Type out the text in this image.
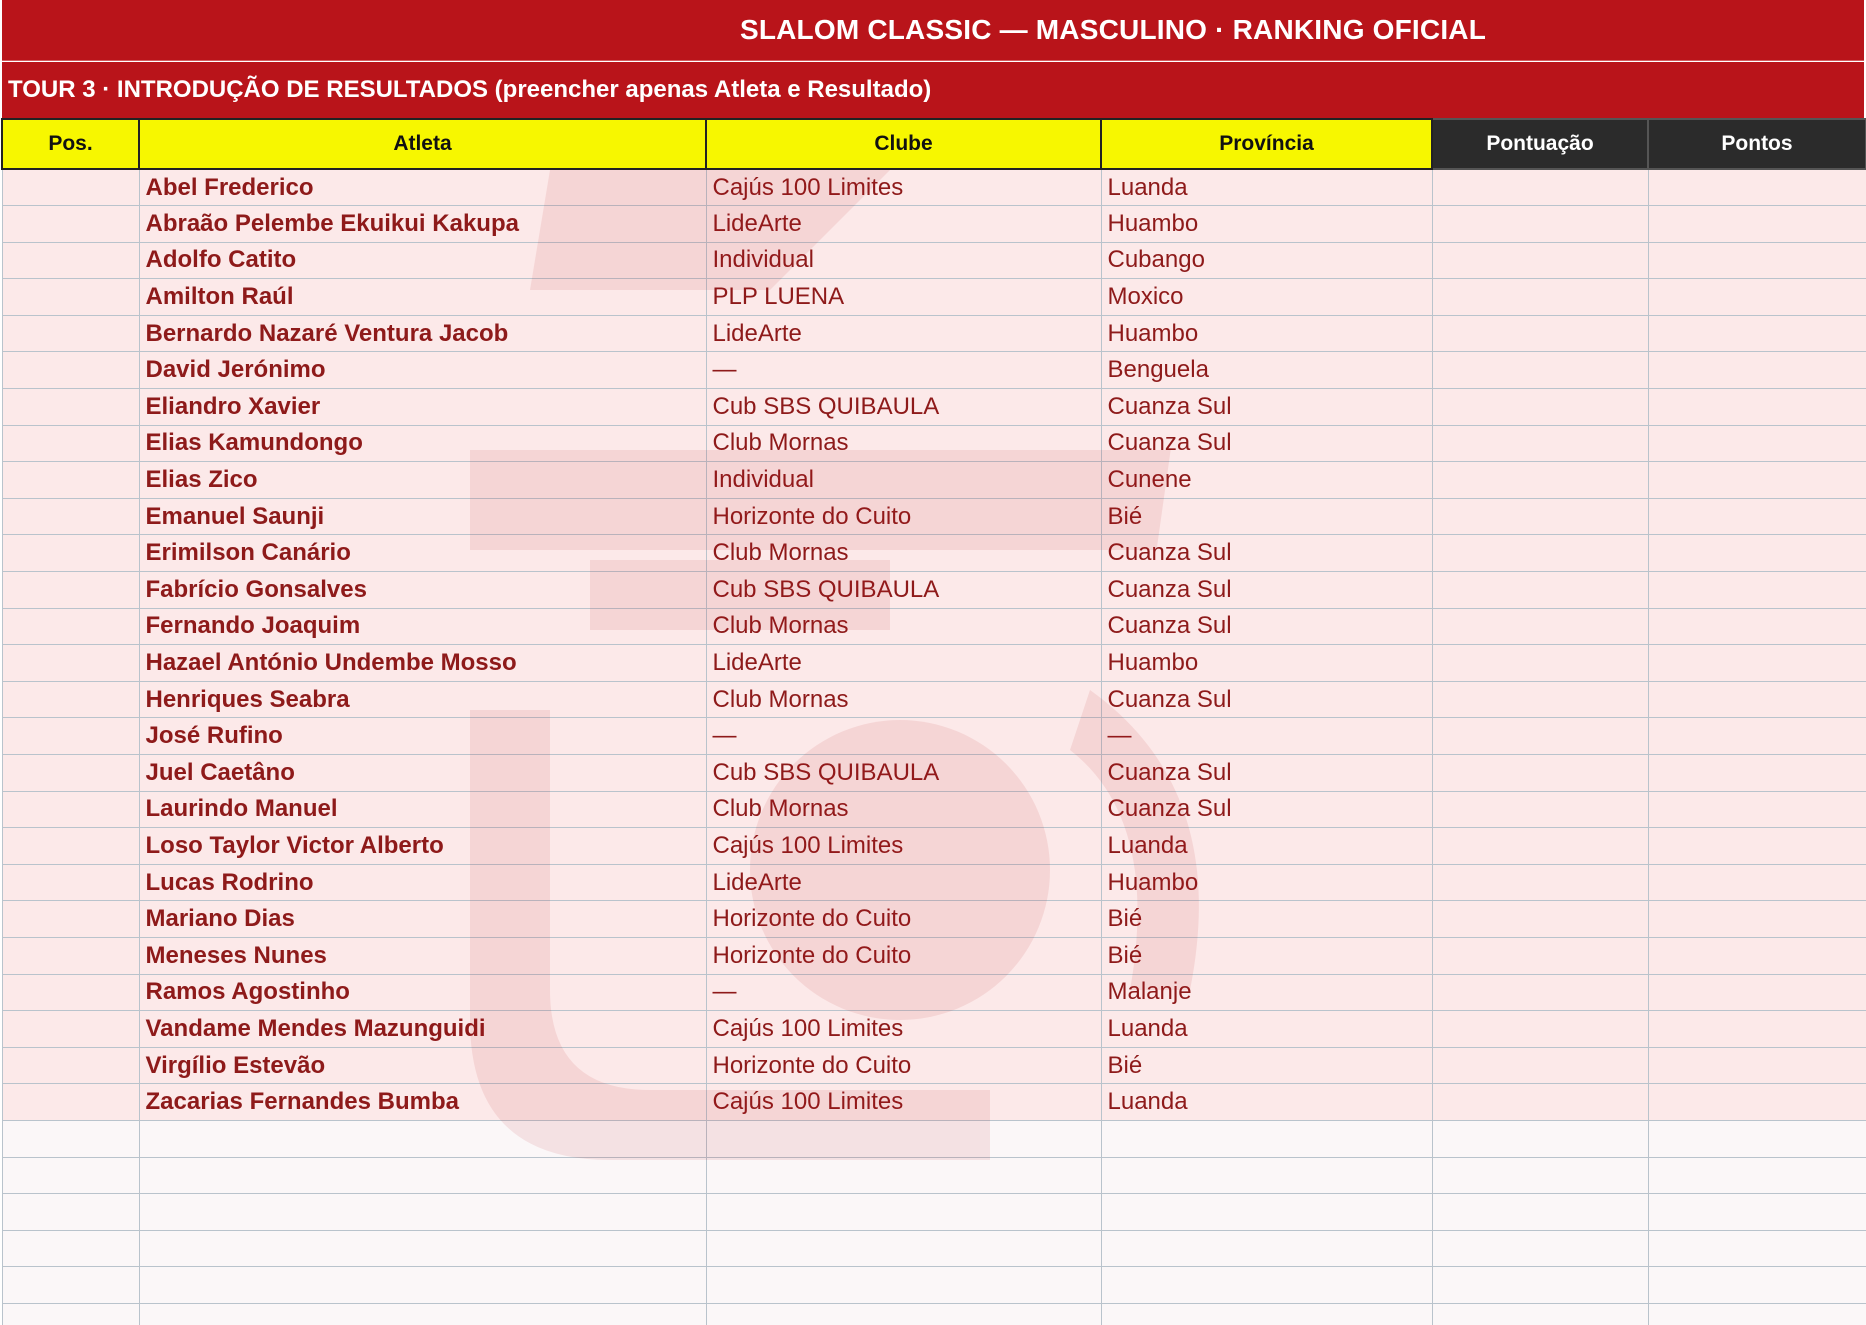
SLALOM CLASSIC — MASCULINO · RANKING OFICIAL
TOUR 3 · INTRODUÇÃO DE RESULTADOS (preencher apenas Atleta e Resultado)
Pos.	Atleta	Clube	Província	Pontuação	Pontos
	Abel Frederico	Cajús 100 Limites	Luanda		
	Abraão Pelembe Ekuikui Kakupa	LideArte	Huambo		
	Adolfo Catito	Individual	Cubango		
	Amilton Raúl	PLP LUENA	Moxico		
	Bernardo Nazaré Ventura Jacob	LideArte	Huambo		
	David Jerónimo	—	Benguela		
	Eliandro Xavier	Cub SBS QUIBAULA	Cuanza Sul		
	Elias Kamundongo	Club Mornas	Cuanza Sul		
	Elias Zico	Individual	Cunene		
	Emanuel Saunji	Horizonte do Cuito	Bié		
	Erimilson Canário	Club Mornas	Cuanza Sul		
	Fabrício Gonsalves	Cub SBS QUIBAULA	Cuanza Sul		
	Fernando Joaquim	Club Mornas	Cuanza Sul		
	Hazael António Undembe Mosso	LideArte	Huambo		
	Henriques Seabra	Club Mornas	Cuanza Sul		
	José Rufino	—	—		
	Juel Caetâno	Cub SBS QUIBAULA	Cuanza Sul		
	Laurindo Manuel	Club Mornas	Cuanza Sul		
	Loso Taylor Victor Alberto	Cajús 100 Limites	Luanda		
	Lucas Rodrino	LideArte	Huambo		
	Mariano Dias	Horizonte do Cuito	Bié		
	Meneses Nunes	Horizonte do Cuito	Bié		
	Ramos Agostinho	—	Malanje		
	Vandame Mendes Mazunguidi	Cajús 100 Limites	Luanda		
	Virgílio Estevão	Horizonte do Cuito	Bié		
	Zacarias Fernandes Bumba	Cajús 100 Limites	Luanda		
